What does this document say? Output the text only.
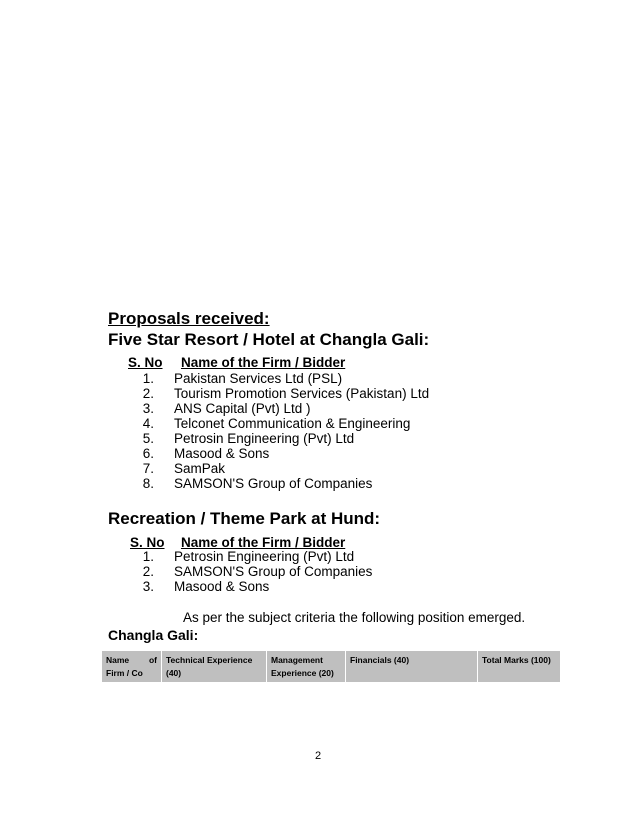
Proposals received:
Five Star Resort / Hotel at Changla Gali:
S. No Name of the Firm / Bidder
1. Pakistan Services Ltd (PSL)
2. Tourism Promotion Services (Pakistan) Ltd
3. ANS Capital (Pvt) Ltd )
4. Telconet Communication & Engineering
5. Petrosin Engineering (Pvt) Ltd
6. Masood & Sons
7. SamPak
8. SAMSON'S Group of Companies
Recreation / Theme Park at Hund:
S. No Name of the Firm / Bidder
1. Petrosin Engineering (Pvt) Ltd
2. SAMSON'S Group of Companies
3. Masood & Sons
As per the subject criteria the following position emerged.
Changla Gali:
Name of
Firm / Co
	Technical Experience (40)	Management Experience (20)	Financials (40)	Total Marks (100)
2
